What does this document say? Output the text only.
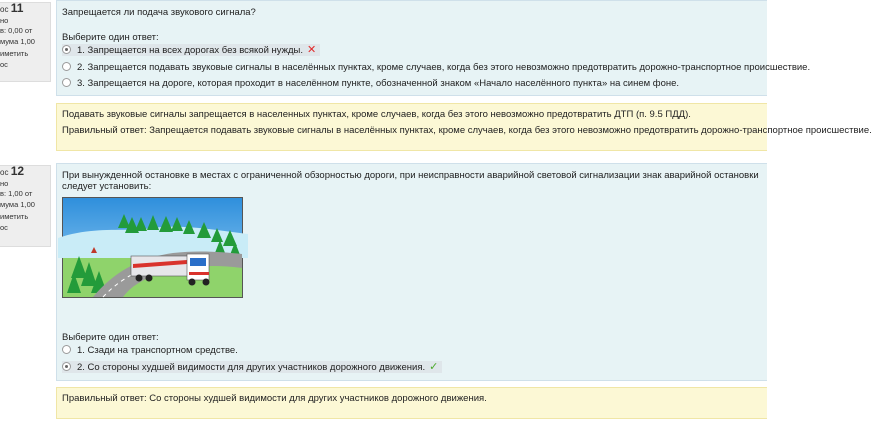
ос 11
но
в: 0,00 от
мума 1,00
иметить
ос
Запрещается ли подача звукового сигнала?
Выберите один ответ:
1. Запрещается на всех дорогах без всякой нужды. ✕
2. Запрещается подавать звуковые сигналы в населённых пунктах, кроме случаев, когда без этого невозможно предотвратить дорожно-транспортное происшествие.
3. Запрещается на дороге, которая проходит в населённом пункте, обозначенной знаком «Начало населённого пункта» на синем фоне.
Подавать звуковые сигналы запрещается в населенных пунктах, кроме случаев, когда без этого невозможно предотвратить ДТП (п. 9.5 ПДД).
Правильный ответ: Запрещается подавать звуковые сигналы в населённых пунктах, кроме случаев, когда без этого невозможно предотвратить дорожно-транспортное происшествие.
ос 12
но
в: 1,00 от
мума 1,00
иметить
ос
При вынужденной остановке в местах с ограниченной обзорностью дороги, при неисправности аварийной световой сигнализации знак аварийной остановки
следует установить:
Выберите один ответ:
1. Сзади на транспортном средстве.
2. Со стороны худшей видимости для других участников дорожного движения. ✓
Правильный ответ: Со стороны худшей видимости для других участников дорожного движения.
